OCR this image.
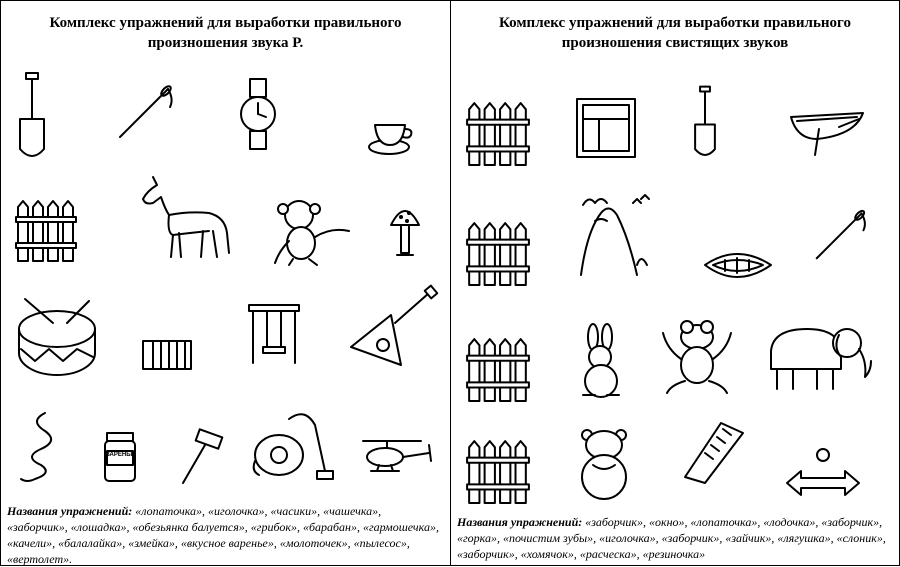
Комплекс упражнений для выработки правильного
произношения звука Р.
ВАРЕНЬЕ

Названия упражнений: «лопаточка», «иголочка», «часики», «чашечка», «заборчик», «лошадка», «обезьянка балуется», «грибок», «барабан», «гармошечка», «качели», «балалайка», «змейка», «вкусное варенье», «молоточек», «пылесос», «вертолет».

Комплекс упражнений для выработки правильного
произношения свистящих звуков

Названия упражнений: «заборчик», «окно», «лопаточка», «лодочка», «заборчик», «горка», «почистим зубы», «иголочка», «заборчик», «зайчик», «лягушка», «слоник», «заборчик», «хомячок», «расческа», «резиночка»
